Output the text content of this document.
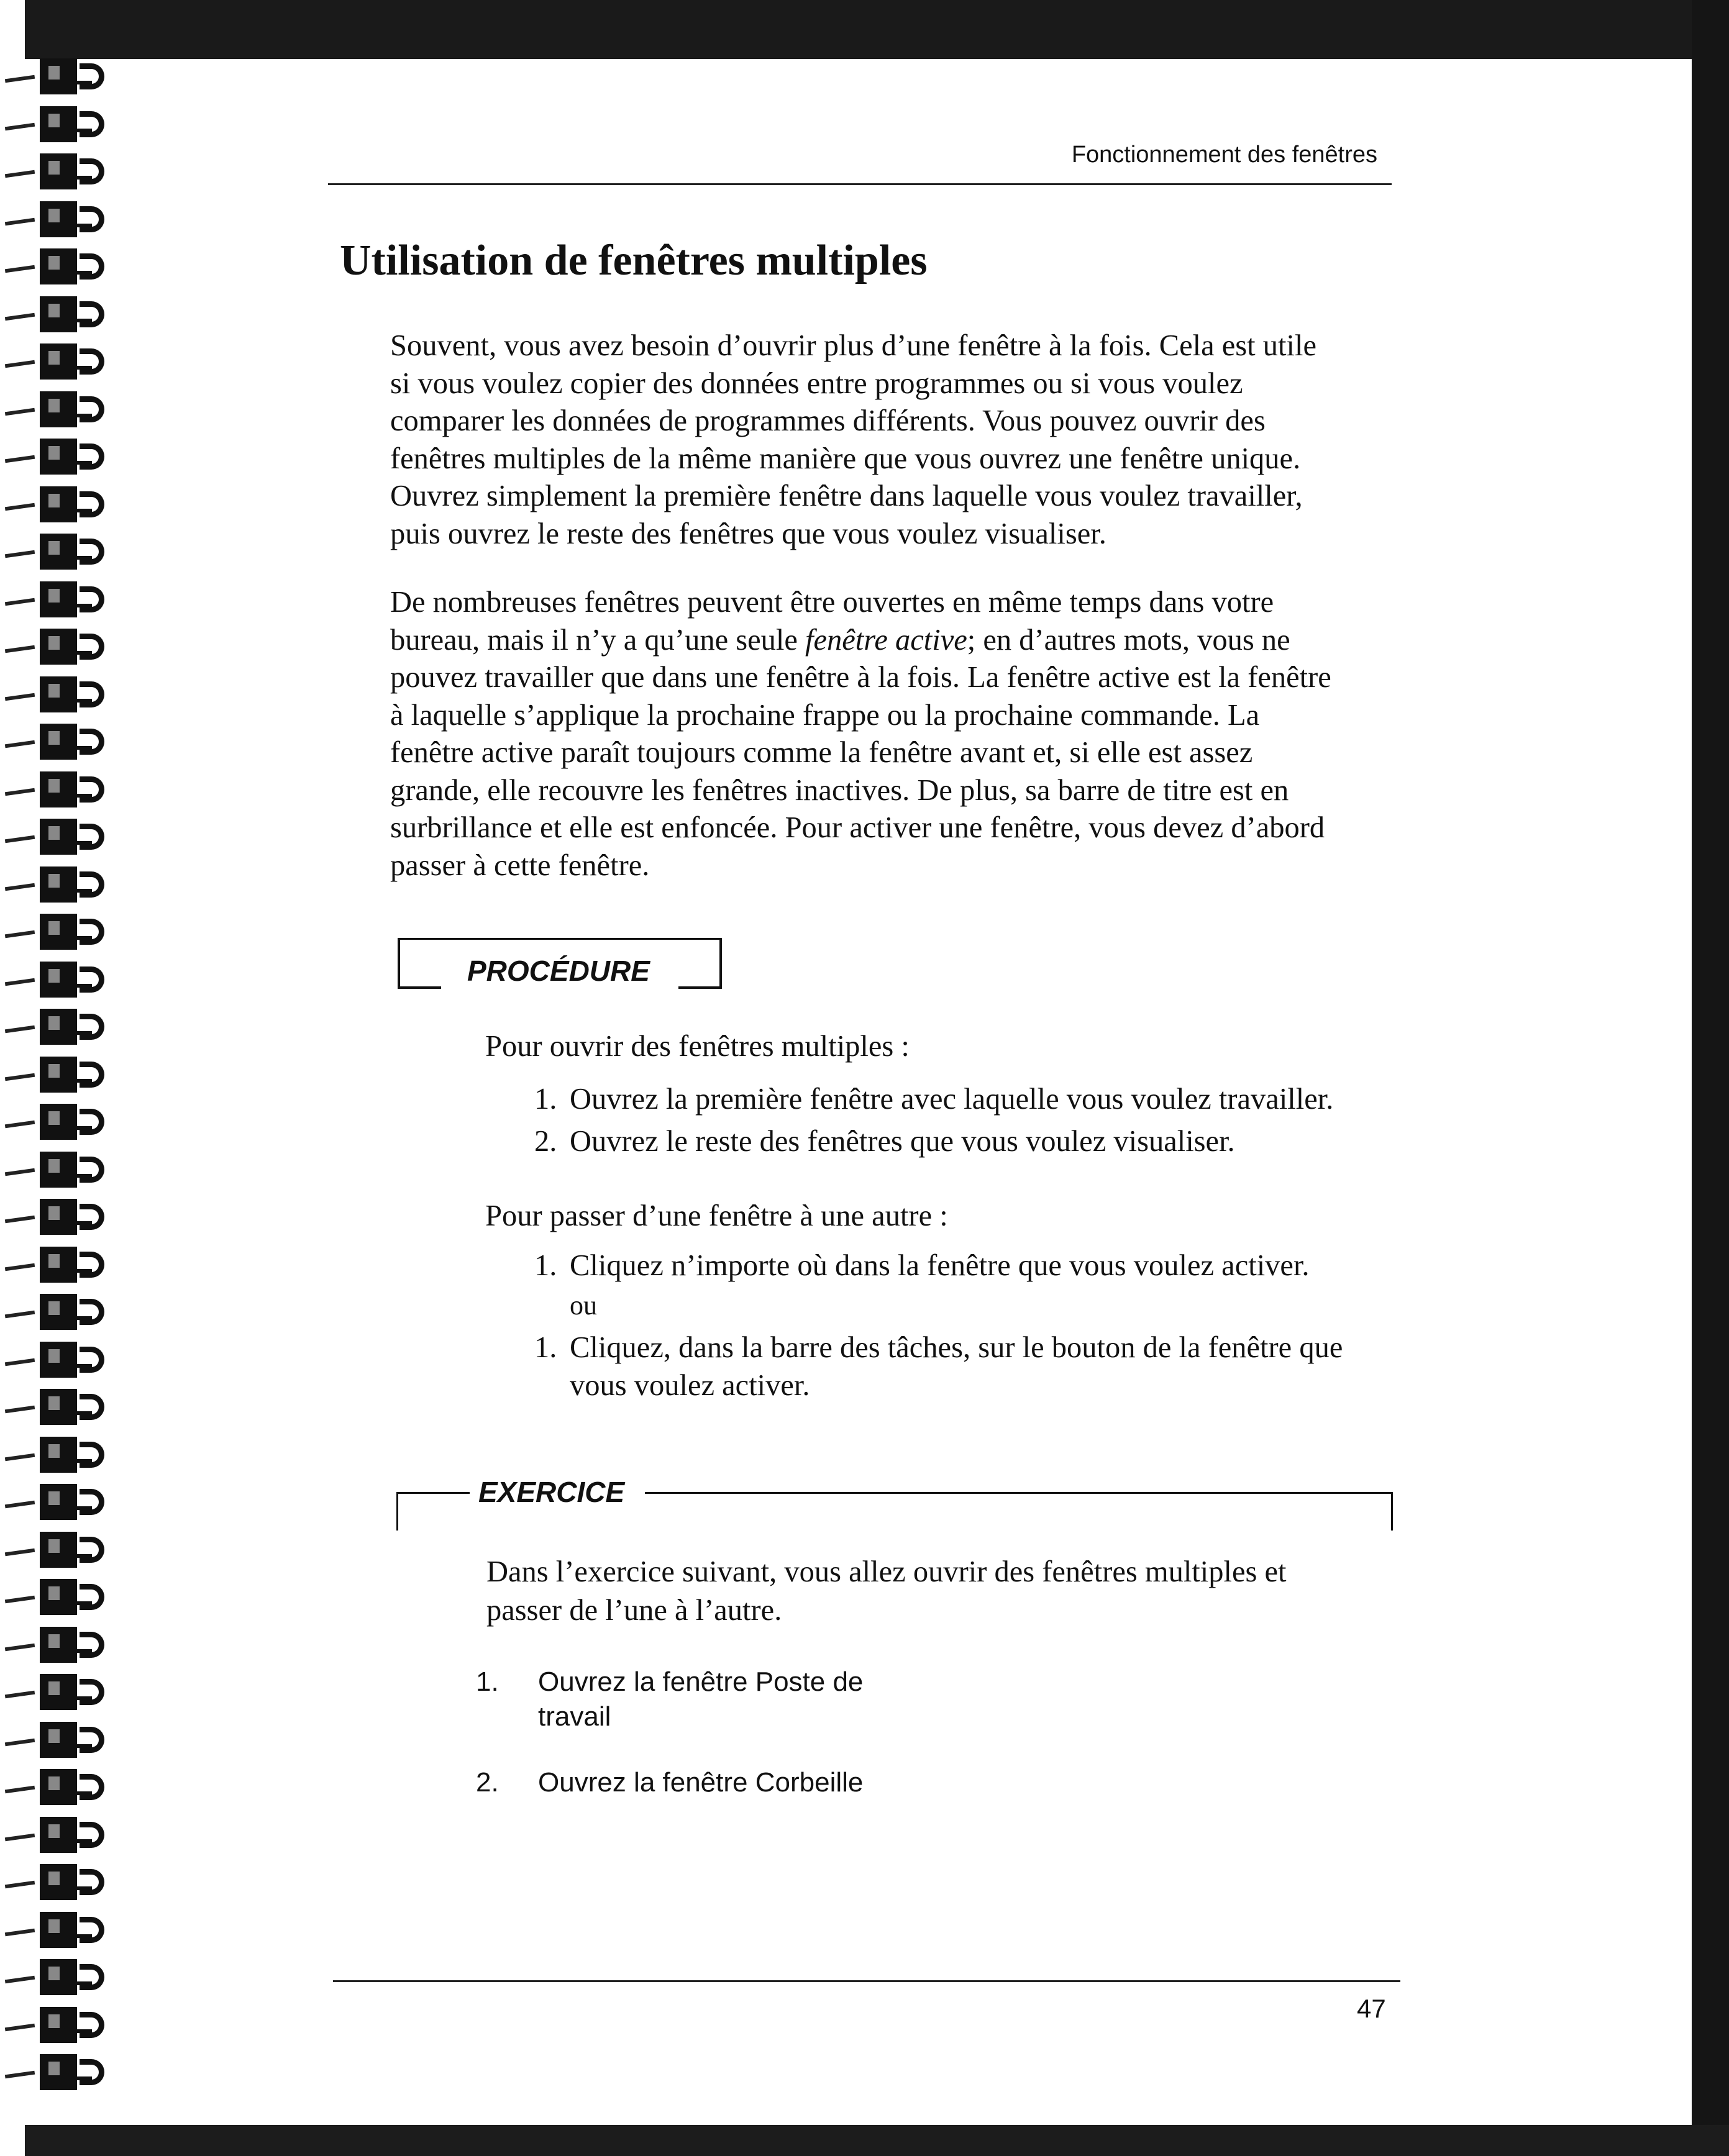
Fonctionnement des fenêtres
Utilisation de fenêtres multiples

Souvent, vous avez besoin d’ouvrir plus d’une fenêtre à la fois. Cela est utile

si vous voulez copier des données entre programmes ou si vous voulez

comparer les données de programmes différents. Vous pouvez ouvrir des

fenêtres multiples de la même manière que vous ouvrez une fenêtre unique.

Ouvrez simplement la première fenêtre dans laquelle vous voulez travailler,

puis ouvrez le reste des fenêtres que vous voulez visualiser.

De nombreuses fenêtres peuvent être ouvertes en même temps dans votre

bureau, mais il n’y a qu’une seule fenêtre active; en d’autres mots, vous ne

pouvez travailler que dans une fenêtre à la fois. La fenêtre active est la fenêtre

à laquelle s’applique la prochaine frappe ou la prochaine commande. La

fenêtre active paraît toujours comme la fenêtre avant et, si elle est assez

grande, elle recouvre les fenêtres inactives. De plus, sa barre de titre est en

surbrillance et elle est enfoncée. Pour activer une fenêtre, vous devez d’abord

passer à cette fenêtre.

PROCÉDURE
Pour ouvrir des fenêtres multiples :
1. Ouvrez la première fenêtre avec laquelle vous voulez travailler.
2. Ouvrez le reste des fenêtres que vous voulez visualiser.
Pour passer d’une fenêtre à une autre :
1. Cliquez n’importe où dans la fenêtre que vous voulez activer.
ou
1. Cliquez, dans la barre des tâches, sur le bouton de la fenêtre que

vous voulez activer.

EXERCICE

Dans l’exercice suivant, vous allez ouvrir des fenêtres multiples et

passer de l’une à l’autre.

1. Ouvrez la fenêtre Poste de

travail

2. Ouvrez la fenêtre Corbeille

47
